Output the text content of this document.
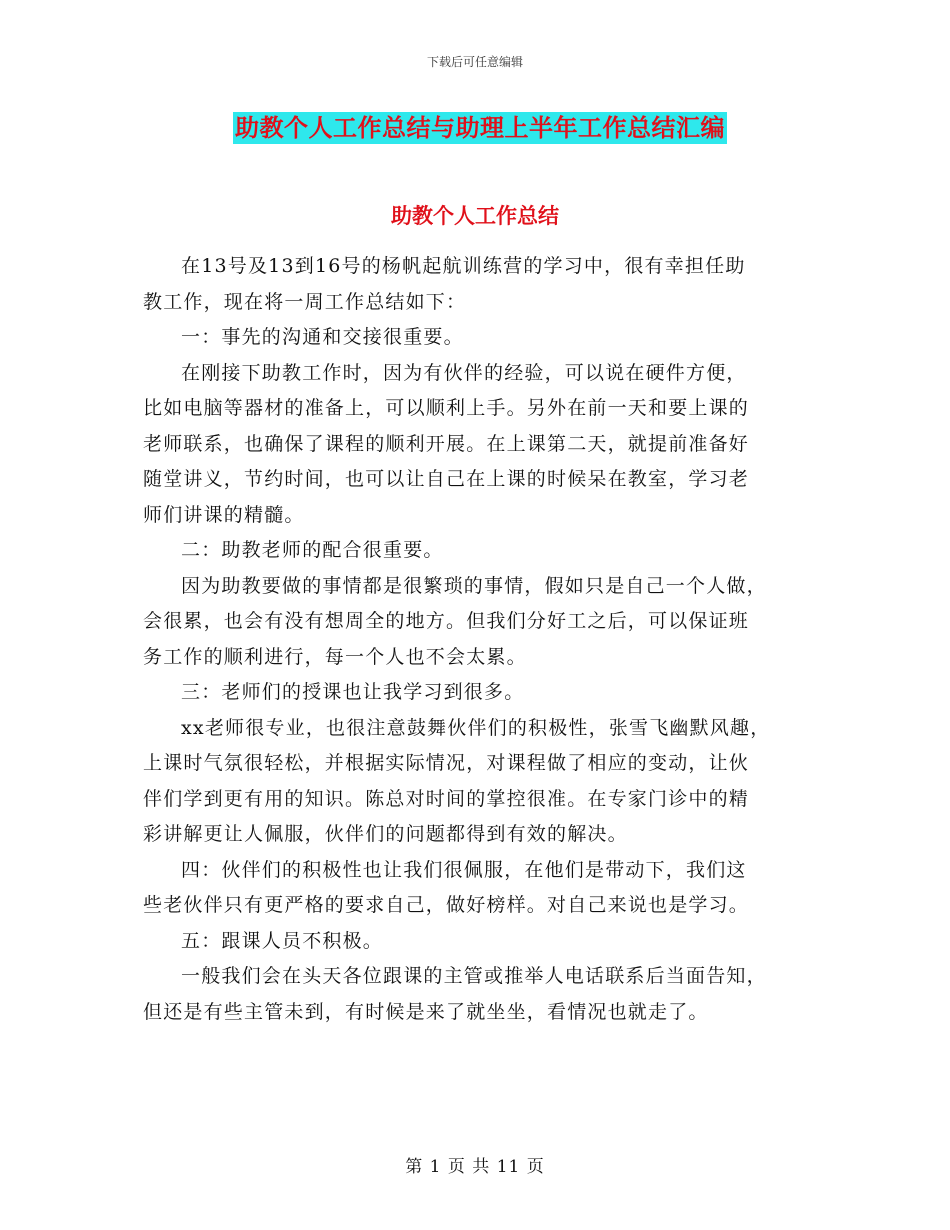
下载后可任意编辑
助教个人工作总结与助理上半年工作总结汇编
助教个人工作总结

在13号及13到16号的杨帆起航训练营的学习中，很有幸担任助

教工作，现在将一周工作总结如下：

一：事先的沟通和交接很重要。

在刚接下助教工作时，因为有伙伴的经验，可以说在硬件方便，

比如电脑等器材的准备上，可以顺利上手。另外在前一天和要上课的

老师联系，也确保了课程的顺利开展。在上课第二天，就提前准备好

随堂讲义，节约时间，也可以让自己在上课的时候呆在教室，学习老

师们讲课的精髓。

二：助教老师的配合很重要。

因为助教要做的事情都是很繁琐的事情，假如只是自己一个人做，

会很累，也会有没有想周全的地方。但我们分好工之后，可以保证班

务工作的顺利进行，每一个人也不会太累。

三：老师们的授课也让我学习到很多。

xx老师很专业，也很注意鼓舞伙伴们的积极性，张雪飞幽默风趣，

上课时气氛很轻松，并根据实际情况，对课程做了相应的变动，让伙

伴们学到更有用的知识。陈总对时间的掌控很准。在专家门诊中的精

彩讲解更让人佩服，伙伴们的问题都得到有效的解决。

四：伙伴们的积极性也让我们很佩服，在他们是带动下，我们这

些老伙伴只有更严格的要求自己，做好榜样。对自己来说也是学习。

五：跟课人员不积极。

一般我们会在头天各位跟课的主管或推举人电话联系后当面告知，

但还是有些主管未到，有时候是来了就坐坐，看情况也就走了。

第 1 页 共 11 页
